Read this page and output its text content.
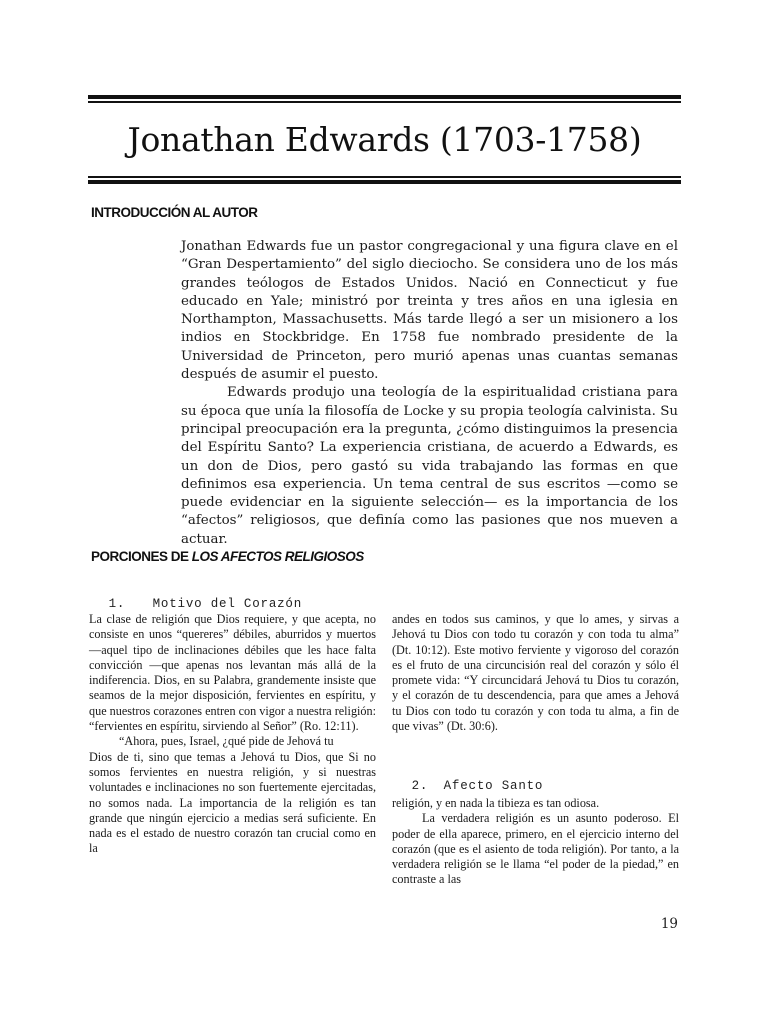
Jonathan Edwards (1703-1758)
INTRODUCCIÓN AL AUTOR

Jonathan Edwards fue un pastor congregacional y una figura clave en el “Gran Despertamiento” del siglo dieciocho. Se considera uno de los más grandes teólogos de Estados Unidos. Nació en Connecticut y fue educado en Yale; ministró por treinta y tres años en una iglesia en Northampton, Massachusetts. Más tarde llegó a ser un misionero a los indios en Stockbridge. En 1758 fue nombrado presidente de la Universidad de Princeton, pero murió apenas unas cuantas semanas después de asumir el puesto.

Edwards produjo una teología de la espiritualidad cristiana para su época que unía la filosofía de Locke y su propia teología calvinista. Su principal preocupación era la pregunta, ¿cómo distinguimos la presencia del Espíritu Santo? La experiencia cristiana, de acuerdo a Edwards, es un don de Dios, pero gastó su vida trabajando las formas en que definimos esa experiencia. Un tema central de sus escritos —como se puede evidenciar en la siguiente selección— es la importancia de los “afectos” religiosos, que definía como las pasiones que nos mueven a actuar.

PORCIONES DE LOS AFECTOS RELIGIOSOS

1. Motivo del Corazón

La clase de religión que Dios requiere, y que acepta, no consiste en unos “quereres” débiles, aburridos y muertos —aquel tipo de inclinaciones débiles que les hace falta convicción —que apenas nos levantan más allá de la indiferencia. Dios, en su Palabra, grandemente insiste que seamos de la mejor disposición, fervientes en espíritu, y que nuestros corazones entren con vigor a nuestra religión: “fervientes en espíritu, sirviendo al Señor” (Ro. 12:11).

“Ahora, pues, Israel, ¿qué pide de Jehová tu

Dios de ti, sino que temas a Jehová tu Dios, que Si no somos fervientes en nuestra religión, y si nuestras voluntades e inclinaciones no son fuertemente ejercitadas, no somos nada. La importancia de la religión es tan grande que ningún ejercicio a medias será suficiente. En nada es el estado de nuestro corazón tan crucial como en la

andes en todos sus caminos, y que lo ames, y sirvas a Jehová tu Dios con todo tu corazón y con toda tu alma” (Dt. 10:12). Este motivo ferviente y vigoroso del corazón es el fruto de una circuncisión real del corazón y sólo él promete vida: “Y circuncidará Jehová tu Dios tu corazón, y el corazón de tu descendencia, para que ames a Jehová tu Dios con todo tu corazón y con toda tu alma, a fin de que vivas” (Dt. 30:6).

2. Afecto Santo

religión, y en nada la tibieza es tan odiosa.

La verdadera religión es un asunto poderoso. El poder de ella aparece, primero, en el ejercicio interno del corazón (que es el asiento de toda religión). Por tanto, a la verdadera religión se le llama “el poder de la piedad,” en contraste a las

19
